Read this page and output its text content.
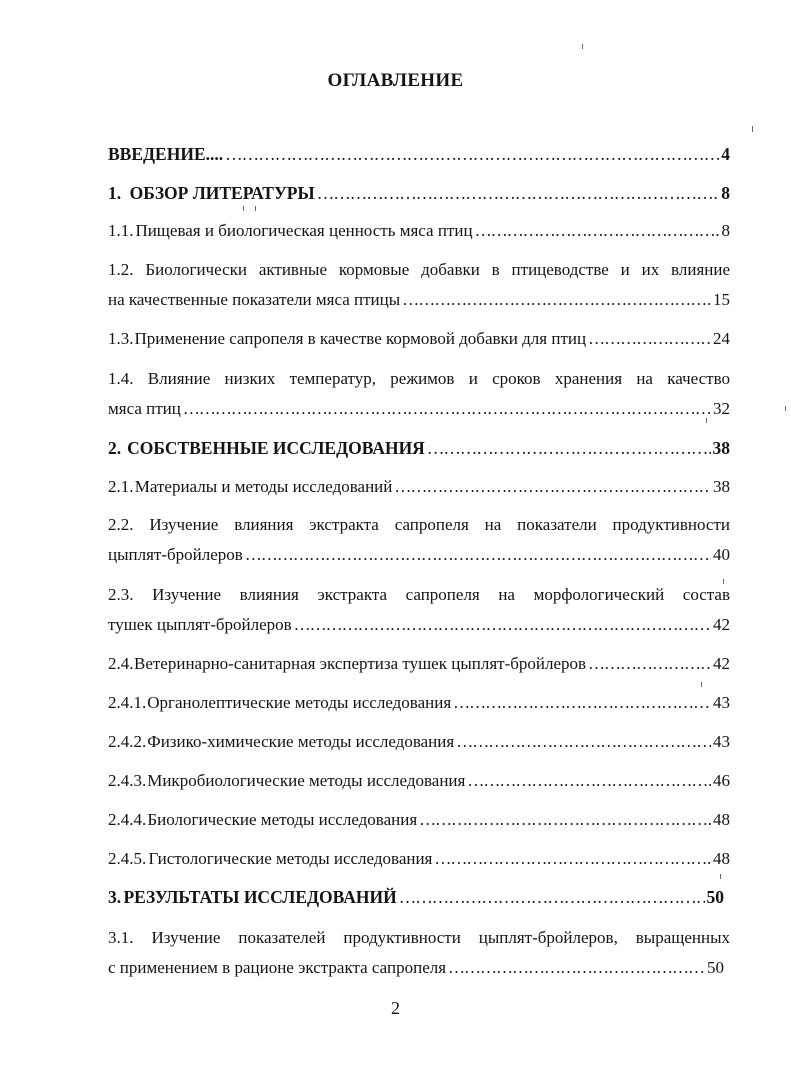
ОГЛАВЛЕНИЕ
ВВЕДЕНИЕ.... ………………………………………………………………………………………………………………………………………………………………………	4
1. ОБЗОР ЛИТЕРАТУРЫ ………………………………………………………………………………………………………………………………………………………………………	8
1.1. Пищевая и биологическая ценность мяса птиц ………………………………………………………………………………………………………………………………………………………………………	8
1.2. Биологически активные кормовые добавки в птицеводстве и их влияние
на качественные показатели мяса птицы ………………………………………………………………………………………………………………………………………………………………………	15
1.3. Применение сапропеля в качестве кормовой добавки для птиц ………………………………………………………………………………………………………………………………………………………………………	24
1.4. Влияние низких температур, режимов и сроков хранения на качество
мяса птиц ………………………………………………………………………………………………………………………………………………………………………	32
2. СОБСТВЕННЫЕ ИССЛЕДОВАНИЯ ………………………………………………………………………………………………………………………………………………………………………	38
2.1. Материалы и методы исследований ………………………………………………………………………………………………………………………………………………………………………	38
2.2. Изучение влияния экстракта сапропеля на показатели продуктивности
цыплят-бройлеров ………………………………………………………………………………………………………………………………………………………………………	40
2.3. Изучение влияния экстракта сапропеля на морфологический состав
тушек цыплят-бройлеров ………………………………………………………………………………………………………………………………………………………………………	42
2.4. Ветеринарно-санитарная экспертиза тушек цыплят-бройлеров ………………………………………………………………………………………………………………………………………………………………………	42
2.4.1. Органолептические методы исследования ………………………………………………………………………………………………………………………………………………………………………	43
2.4.2. Физико-химические методы исследования ………………………………………………………………………………………………………………………………………………………………………	43
2.4.3. Микробиологические методы исследования ………………………………………………………………………………………………………………………………………………………………………	46
2.4.4. Биологические методы исследования ………………………………………………………………………………………………………………………………………………………………………	48
2.4.5. Гистологические методы исследования ………………………………………………………………………………………………………………………………………………………………………	48
3. РЕЗУЛЬТАТЫ ИССЛЕДОВАНИЙ ………………………………………………………………………………………………………………………………………………………………………	50
3.1. Изучение показателей продуктивности цыплят-бройлеров, выращенных
с применением в рационе экстракта сапропеля ………………………………………………………………………………………………………………………………………………………………………	50
2
